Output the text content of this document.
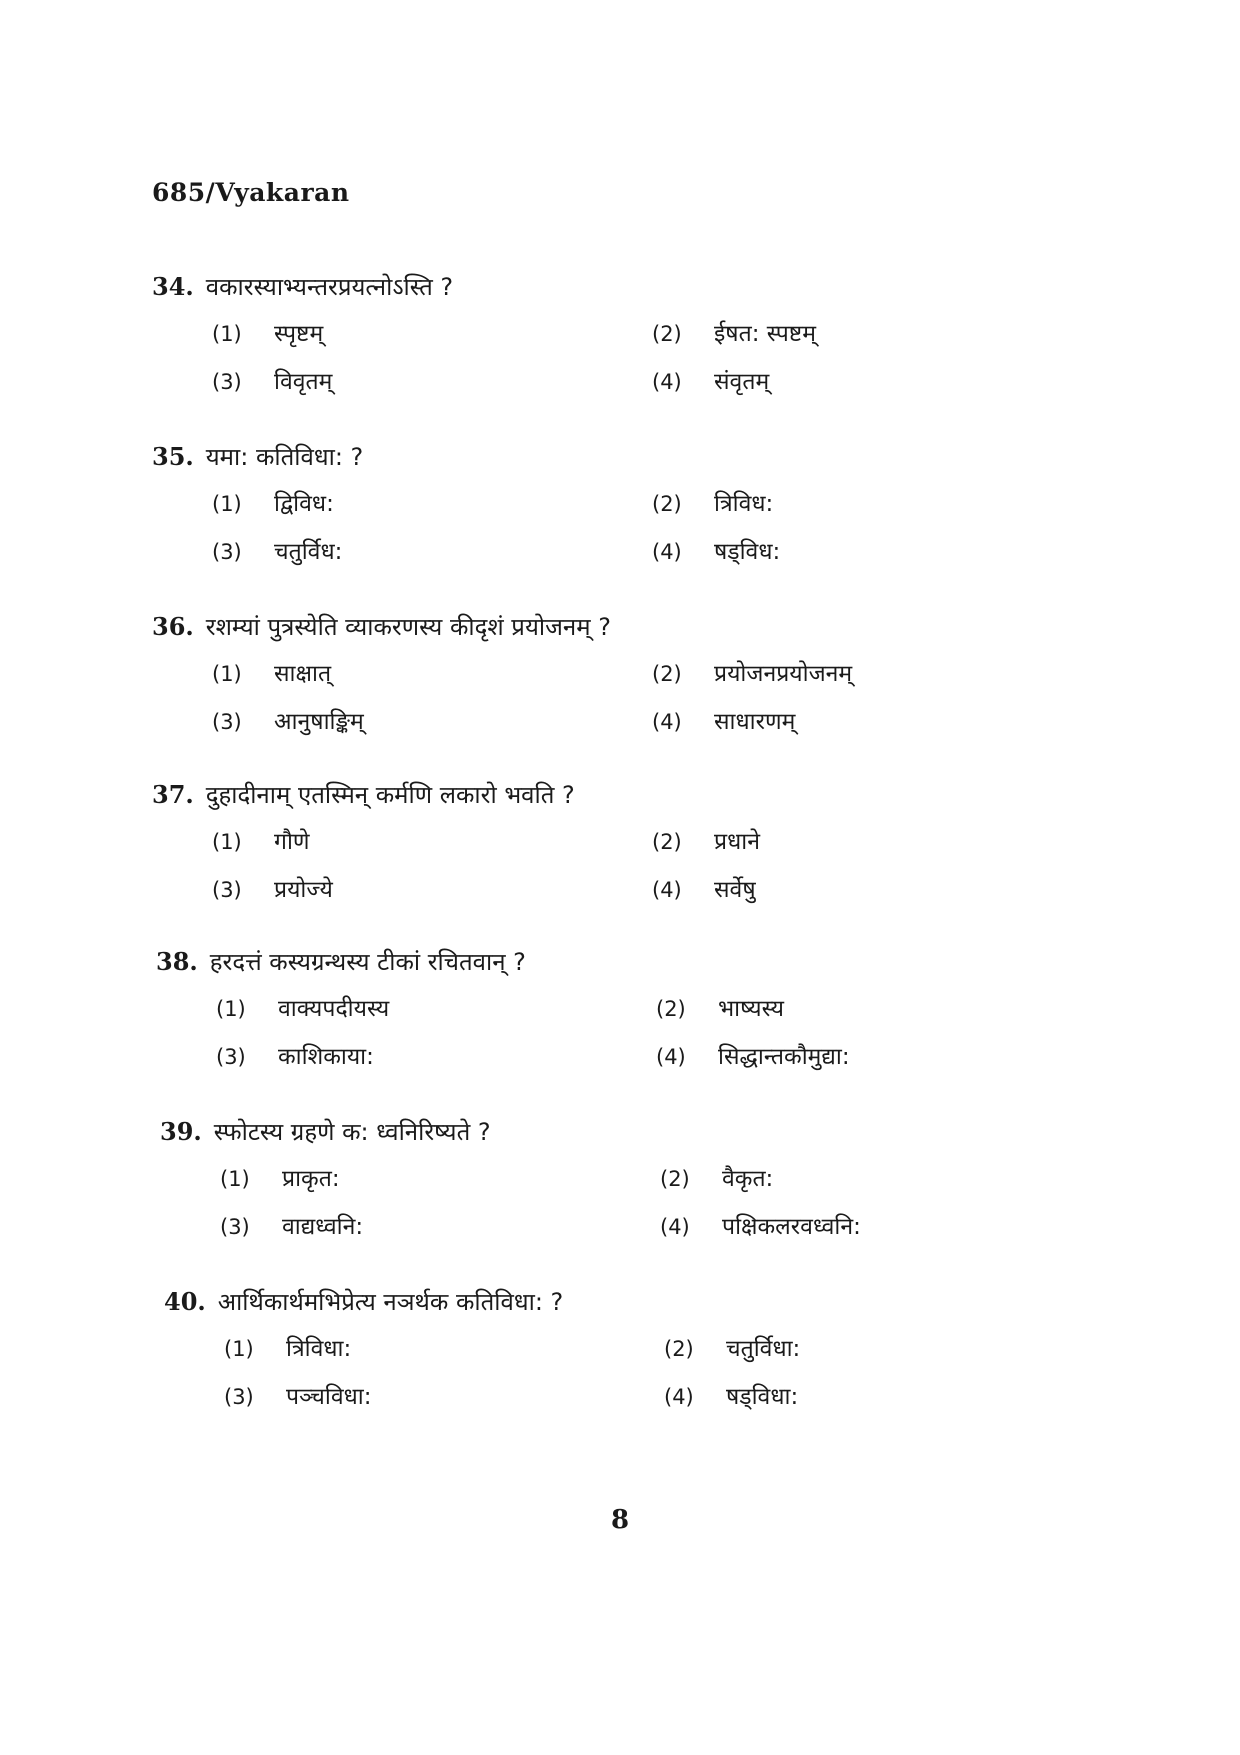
685/Vyakaran
34. वकारस्याभ्यन्तरप्रयत्नोऽस्ति ?
(1)	स्पृष्टम्	(2)	ईषत: स्पष्टम्
(3)	विवृतम्	(4)	संवृतम्
35. यमा: कतिविधा: ?
(1)	द्विविध:	(2)	त्रिविध:
(3)	चतुर्विध:	(4)	षड्विध:
36. रशम्यां पुत्रस्येति व्याकरणस्य कीदृशं प्रयोजनम् ?
(1)	साक्षात्	(2)	प्रयोजनप्रयोजनम्
(3)	आनुषाङ्किम्	(4)	साधारणम्
37. दुहादीनाम् एतस्मिन् कर्मणि लकारो भवति ?
(1)	गौणे	(2)	प्रधाने
(3)	प्रयोज्ये	(4)	सर्वेषु
38. हरदत्तं कस्यग्रन्थस्य टीकां रचितवान् ?
(1)	वाक्यपदीयस्य	(2)	भाष्यस्य
(3)	काशिकाया:	(4)	सिद्धान्तकौमुद्या:
39. स्फोटस्य ग्रहणे क: ध्वनिरिष्यते ?
(1)	प्राकृत:	(2)	वैकृत:
(3)	वाद्यध्वनि:	(4)	पक्षिकलरवध्वनि:
40. आर्थिकार्थमभिप्रेत्य नञर्थक कतिविधा: ?
(1)	त्रिविधा:	(2)	चतुर्विधा:
(3)	पञ्चविधा:	(4)	षड्विधा:
8
